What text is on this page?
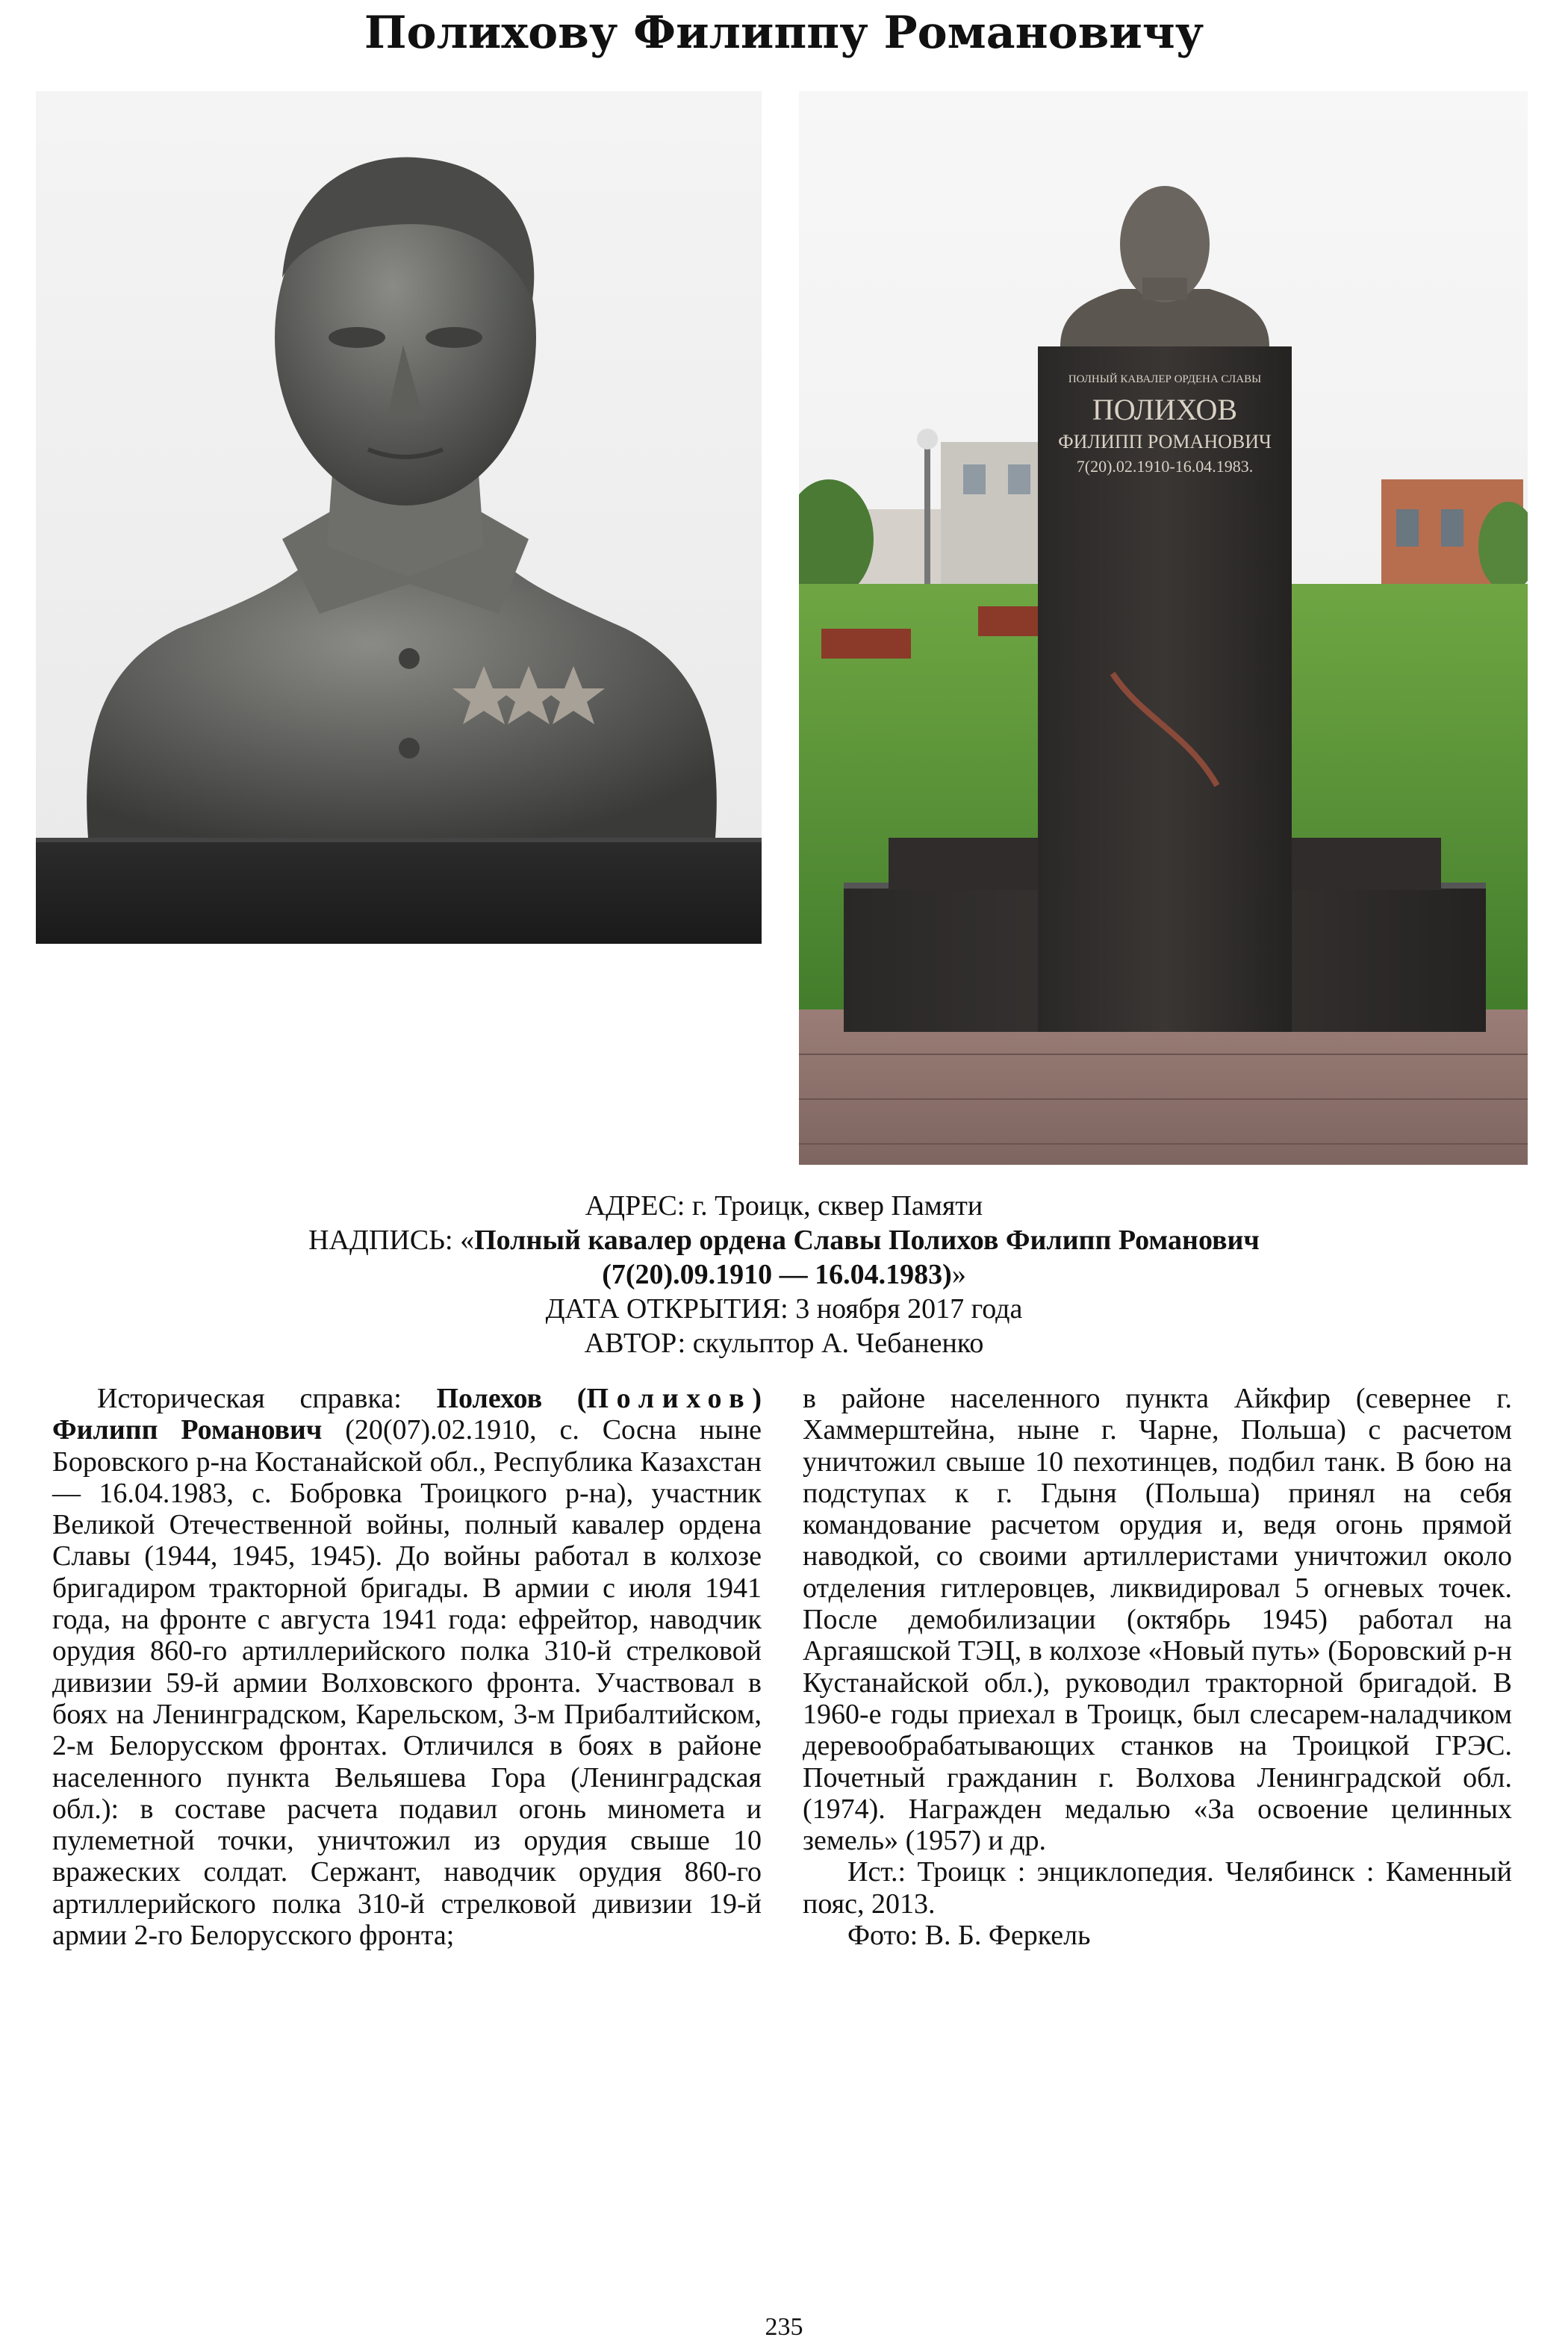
Полихову Филиппу Романовичу
ПОЛНЫЙ КАВАЛЕР ОРДЕНА СЛАВЫ
ПОЛИХОВ
ФИЛИПП РОМАНОВИЧ
7(20).02.1910-16.04.1983.
АДРЕС: г. Троицк, сквер Памяти
НАДПИСЬ: «Полный кавалер ордена Славы Полихов Филипп Романович
(7(20).09.1910 — 16.04.1983)»
ДАТА ОТКРЫТИЯ: 3 ноября 2017 года
АВТОР: скульптор А. Чебаненко

Историческая справка: Полехов (Полихов) Филипп Романович (20(07).02.1910, с. Сосна ныне Боровского р-на Костанайской обл., Республика Казахстан — 16.04.1983, с. Бобровка Троицкого р-на), участник Великой Отечественной войны, полный кавалер ордена Славы (1944, 1945, 1945). До войны работал в колхозе бригадиром тракторной бригады. В армии с июля 1941 года, на фронте с августа 1941 года: ефрейтор, наводчик орудия 860-го артиллерийского полка 310-й стрелковой дивизии 59-й армии Волховского фронта. Участвовал в боях на Ленинградском, Карельском, 3-м Прибалтийском, 2-м Белорусском фронтах. Отличился в боях в районе населенного пункта Вельяшева Гора (Ленинградская обл.): в составе расчета подавил огонь миномета и пулеметной точки, уничтожил из орудия свыше 10 вражеских солдат. Сержант, наводчик орудия 860-го артиллерийского полка 310-й стрелковой дивизии 19-й армии 2-го Белорусского фронта;

в районе населенного пункта Айкфир (севернее г. Хаммерштейна, ныне г. Чарне, Польша) с расчетом уничтожил свыше 10 пехотинцев, подбил танк. В бою на подступах к г. Гдыня (Польша) принял на себя командование расчетом орудия и, ведя огонь прямой наводкой, со своими артиллеристами уничтожил около отделения гитлеровцев, ликвидировал 5 огневых точек. После демобилизации (октябрь 1945) работал на Аргаяшской ТЭЦ, в колхозе «Новый путь» (Боровский р-н Кустанайской обл.), руководил тракторной бригадой. В 1960-е годы приехал в Троицк, был слесарем-наладчиком деревообрабатывающих станков на Троицкой ГРЭС. Почетный гражданин г. Волхова Ленинградской обл. (1974). Награжден медалью «За освоение целинных земель» (1957) и др.

Ист.: Троицк : энциклопедия. Челябинск : Каменный пояс, 2013.

Фото: В. Б. Феркель

235
